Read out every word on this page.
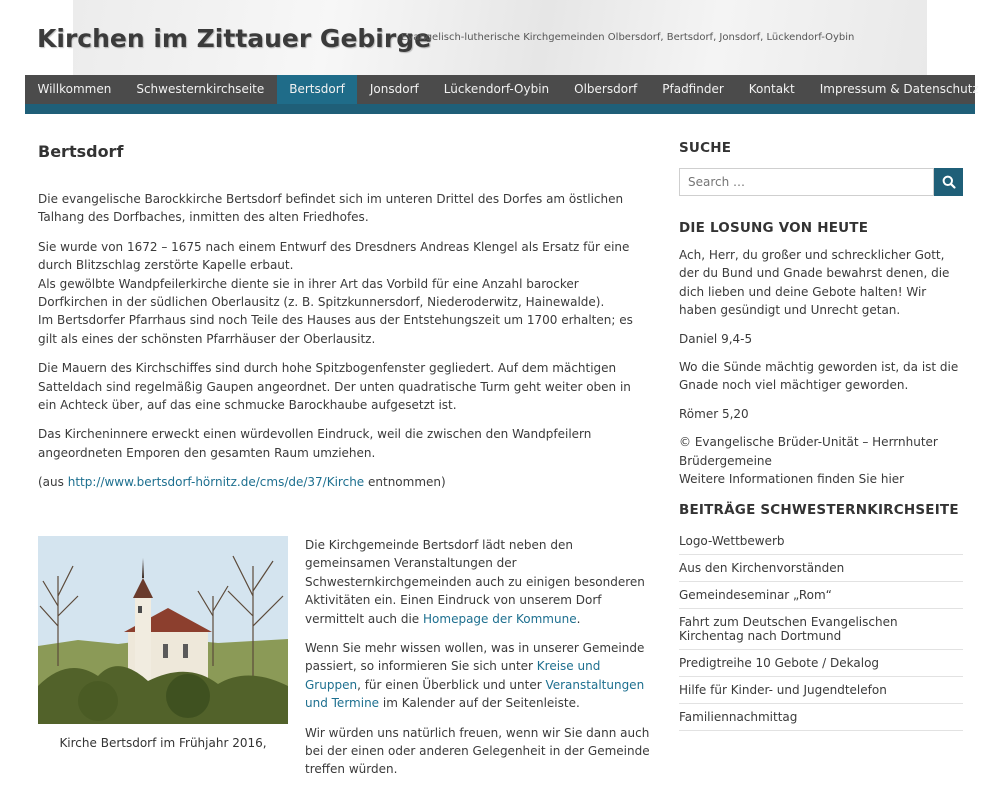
Kirchen im Zittauer Gebirge
Evangelisch-lutherische Kirchgemeinden Olbersdorf, Bertsdorf, Jonsdorf, Lückendorf-Oybin
Willkommen	Schwesternkirchseite	Bertsdorf	Jonsdorf	Lückendorf-Oybin	Olbersdorf	Pfadfinder	Kontakt	Impressum & Datenschutz
Bertsdorf

Die evangelische Barockkirche Bertsdorf befindet sich im unteren Drittel des Dorfes am östlichen Talhang des Dorfbaches, inmitten des alten Friedhofes.

Sie wurde von 1672 – 1675 nach einem Entwurf des Dresdners Andreas Klengel als Ersatz für eine durch Blitzschlag zerstörte Kapelle erbaut.
Als gewölbte Wandpfeilerkirche diente sie in ihrer Art das Vorbild für eine Anzahl barocker Dorfkirchen in der südlichen Oberlausitz (z. B. Spitzkunnersdorf, Niederoderwitz, Hainewalde).
Im Bertsdorfer Pfarrhaus sind noch Teile des Hauses aus der Entstehungszeit um 1700 erhalten; es gilt als eines der schönsten Pfarrhäuser der Oberlausitz.

Die Mauern des Kirchschiffes sind durch hohe Spitzbogenfenster gegliedert. Auf dem mächtigen Satteldach sind regelmäßig Gaupen angeordnet. Der unten quadratische Turm geht weiter oben in ein Achteck über, auf das eine schmucke Barockhaube aufgesetzt ist.

Das Kircheninnere erweckt einen würdevollen Eindruck, weil die zwischen den Wandpfeilern angeordneten Emporen den gesamten Raum umziehen.

(aus http://www.bertsdorf-hörnitz.de/cms/de/37/Kirche entnommen)

Kirche Bertsdorf im Frühjahr 2016,

Die Kirchgemeinde Bertsdorf lädt neben den gemeinsamen Veranstaltungen der Schwesternkirchgemeinden auch zu einigen besonderen Aktivitäten ein. Einen Eindruck von unserem Dorf vermittelt auch die Homepage der Kommune.

Wenn Sie mehr wissen wollen, was in unserer Gemeinde passiert, so informieren Sie sich unter Kreise und Gruppen, für einen Überblick und unter Veranstaltungen und Termine im Kalender auf der Seitenleiste.

Wir würden uns natürlich freuen, wenn wir Sie dann auch bei der einen oder anderen Gelegenheit in der Gemeinde treffen würden.

SUCHE
Search …
DIE LOSUNG VON HEUTE

Ach, Herr, du großer und schrecklicher Gott, der du Bund und Gnade bewahrst denen, die dich lieben und deine Gebote halten! Wir haben gesündigt und Unrecht getan.

Daniel 9,4-5

Wo die Sünde mächtig geworden ist, da ist die Gnade noch viel mächtiger geworden.

Römer 5,20

© Evangelische Brüder-Unität – Herrnhuter Brüdergemeine
Weitere Informationen finden Sie hier

BEITRÄGE SCHWESTERNKIRCHSEITE
Logo-Wettbewerb
Aus den Kirchenvorständen
Gemeindeseminar „Rom“
Fahrt zum Deutschen Evangelischen Kirchentag nach Dortmund
Predigtreihe 10 Gebote / Dekalog
Hilfe für Kinder- und Jugendtelefon
Familiennachmittag
